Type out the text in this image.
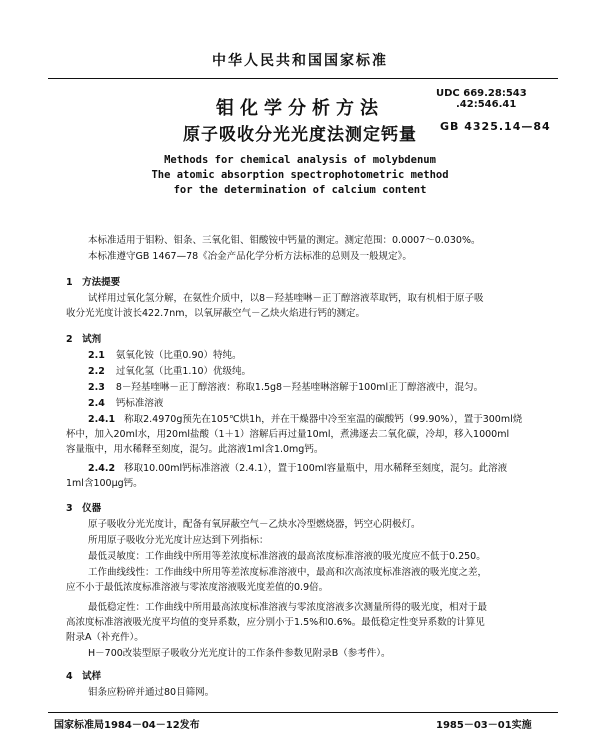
中华人民共和国国家标准
钼化学分析方法
原子吸收分光光度法测定钙量
UDC 669.28:543
.42:546.41
GB 4325.14—84
Methods for chemical analysis of molybdenum
The atomic absorption spectrophotometric method
for the determination of calcium content
本标准适用于钼粉、钼条、三氧化钼、钼酸铵中钙量的测定。测定范围：0.0007～0.030%。
本标准遵守GB 1467—78《冶金产品化学分析方法标准的总则及一般规定》。
1　方法提要
试样用过氧化氢分解，在氨性介质中，以8－羟基喹啉－正丁醇溶液萃取钙，取有机相于原子吸
收分光光度计波长422.7nm，以氧屏蔽空气－乙炔火焰进行钙的测定。
2　试剂
2.1 氨氧化铵（比重0.90）特纯。
2.2 过氧化氢（比重1.10）优级纯。
2.3 8－羟基喹啉－正丁醇溶液：称取1.5g8－羟基喹啉溶解于100ml正丁醇溶液中，混匀。
2.4 钙标准溶液
2.4.1 称取2.4970g预先在105℃烘1h，并在干燥器中冷至室温的碳酸钙（99.90%），置于300ml烧
杯中，加入20ml水，用20ml盐酸（1＋1）溶解后再过量10ml，煮沸逐去二氧化碳，冷却，移入1000ml
容量瓶中，用水稀释至刻度，混匀。此溶液1ml含1.0mg钙。
2.4.2 移取10.00ml钙标准溶液（2.4.1），置于100ml容量瓶中，用水稀释至刻度，混匀。此溶液
1ml含100μg钙。
3　仪器
原子吸收分光光度计，配备有氧屏蔽空气－乙炔水冷型燃烧器，钙空心阴极灯。
所用原子吸收分光光度计应达到下列指标：
最低灵敏度：工作曲线中所用等差浓度标准溶液的最高浓度标准溶液的吸光度应不低于0.250。
工作曲线线性：工作曲线中所用等差浓度标准溶液中，最高和次高浓度标准溶液的吸光度之差，
应不小于最低浓度标准溶液与零浓度溶液吸光度差值的0.9倍。
最低稳定性：工作曲线中所用最高浓度标准溶液与零浓度溶液多次测量所得的吸光度，相对于最
高浓度标准溶液吸光度平均值的变异系数，应分别小于1.5%和0.6%。最低稳定性变异系数的计算见
附录A（补充件）。
H－700改装型原子吸收分光光度计的工作条件参数见附录B（参考件）。
4　试样
钼条应粉碎并通过80目筛网。
国家标准局1984－04－12发布	1985－03－01实施
